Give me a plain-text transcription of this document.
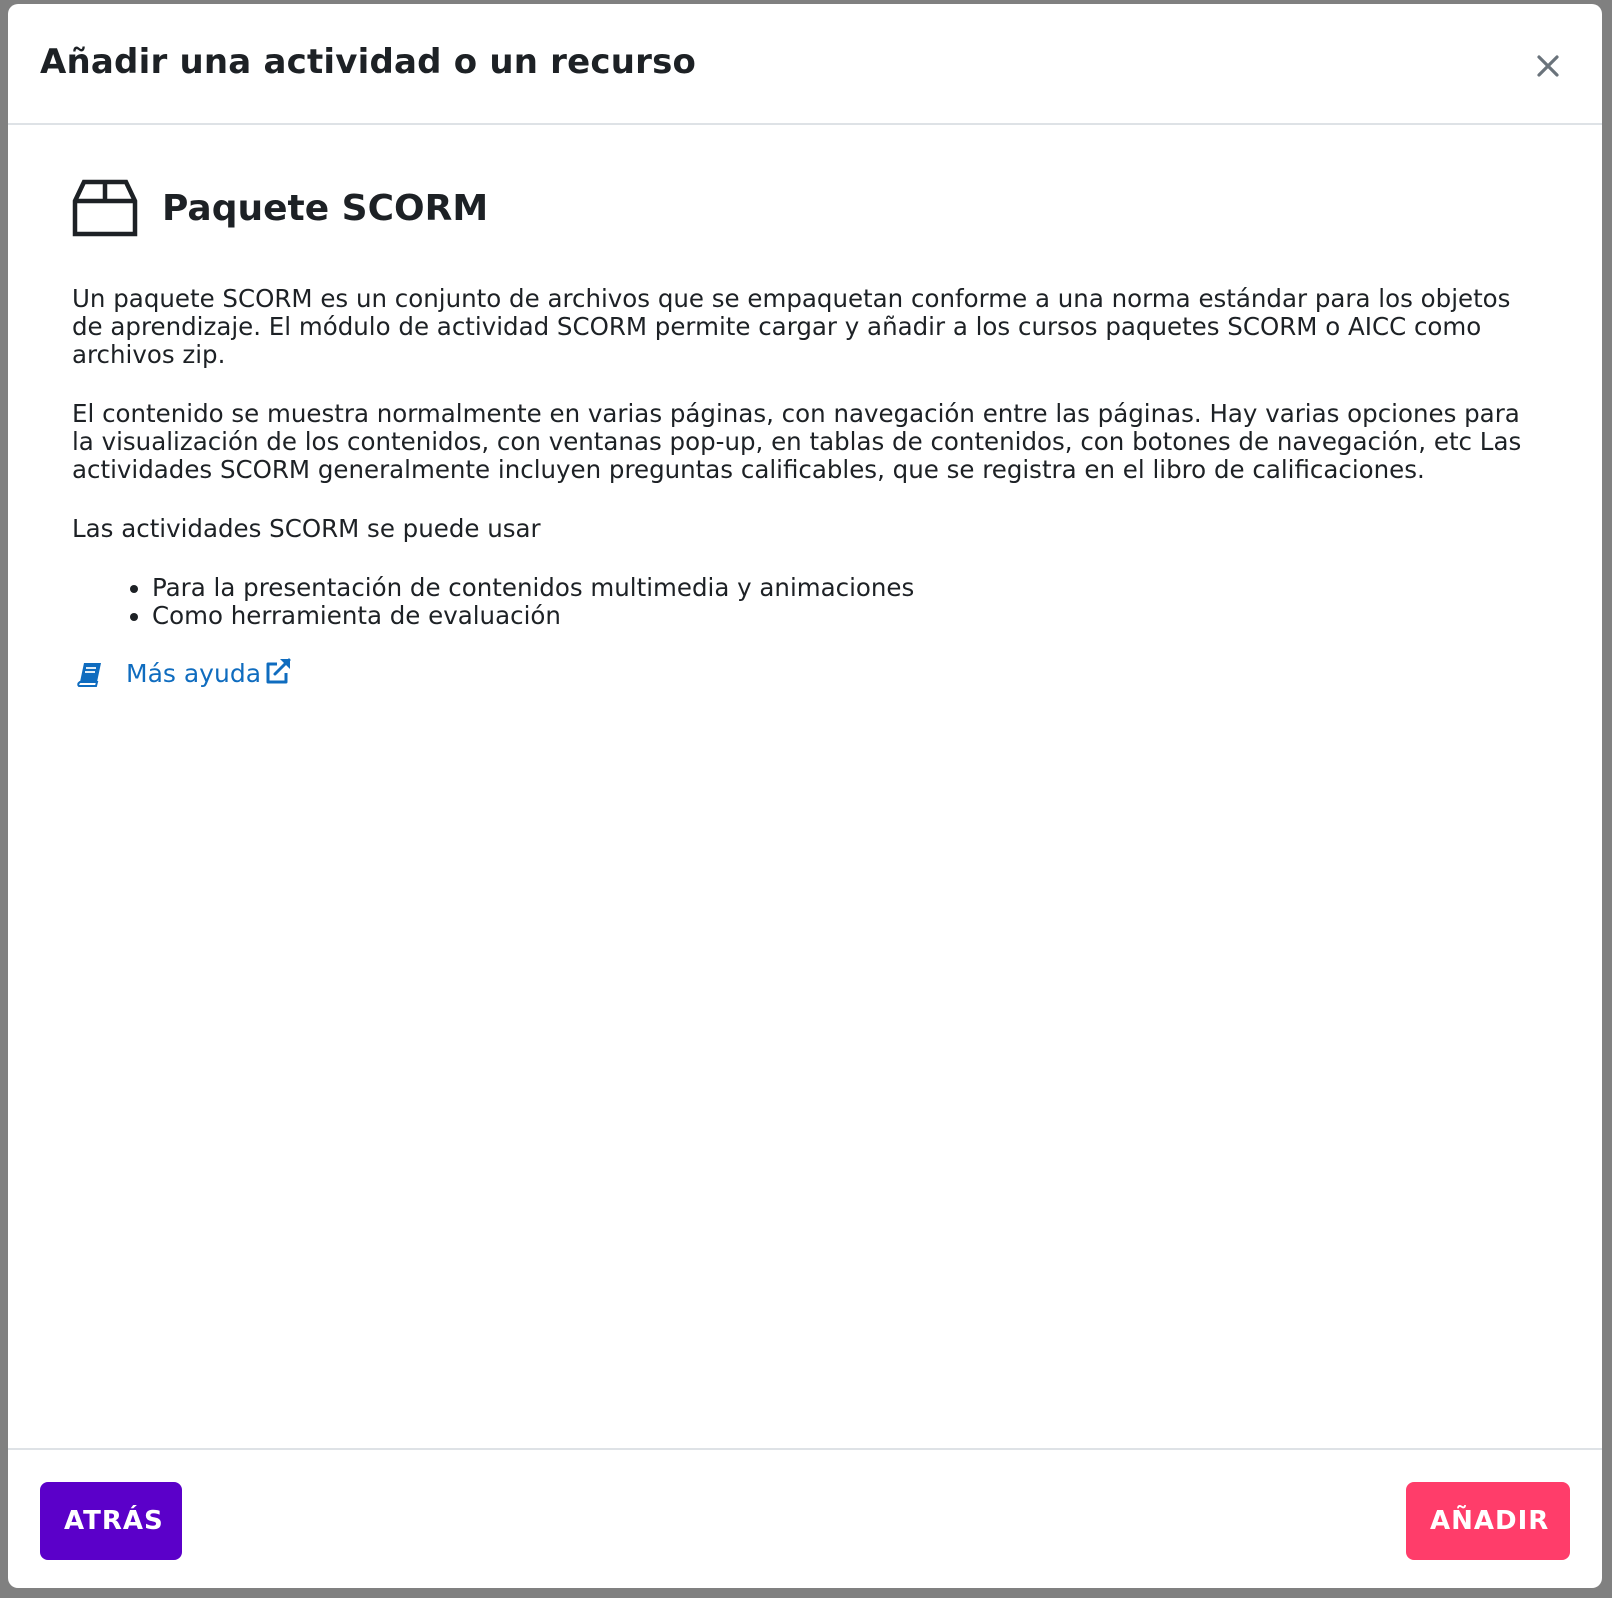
Añadir una actividad o un recurso
Paquete SCORM

Un paquete SCORM es un conjunto de archivos que se empaquetan conforme a una norma estándar para los objetos de aprendizaje. El módulo de actividad SCORM permite cargar y añadir a los cursos paquetes SCORM o AICC como archivos zip.

El contenido se muestra normalmente en varias páginas, con navegación entre las páginas. Hay varias opciones para la visualización de los contenidos, con ventanas pop-up, en tablas de contenidos, con botones de navegación, etc Las actividades SCORM generalmente incluyen preguntas calificables, que se registra en el libro de calificaciones.

Las actividades SCORM se puede usar

• Para la presentación de contenidos multimedia y animaciones
• Como herramienta de evaluación
Más ayuda
ATRÁS	AÑADIR
